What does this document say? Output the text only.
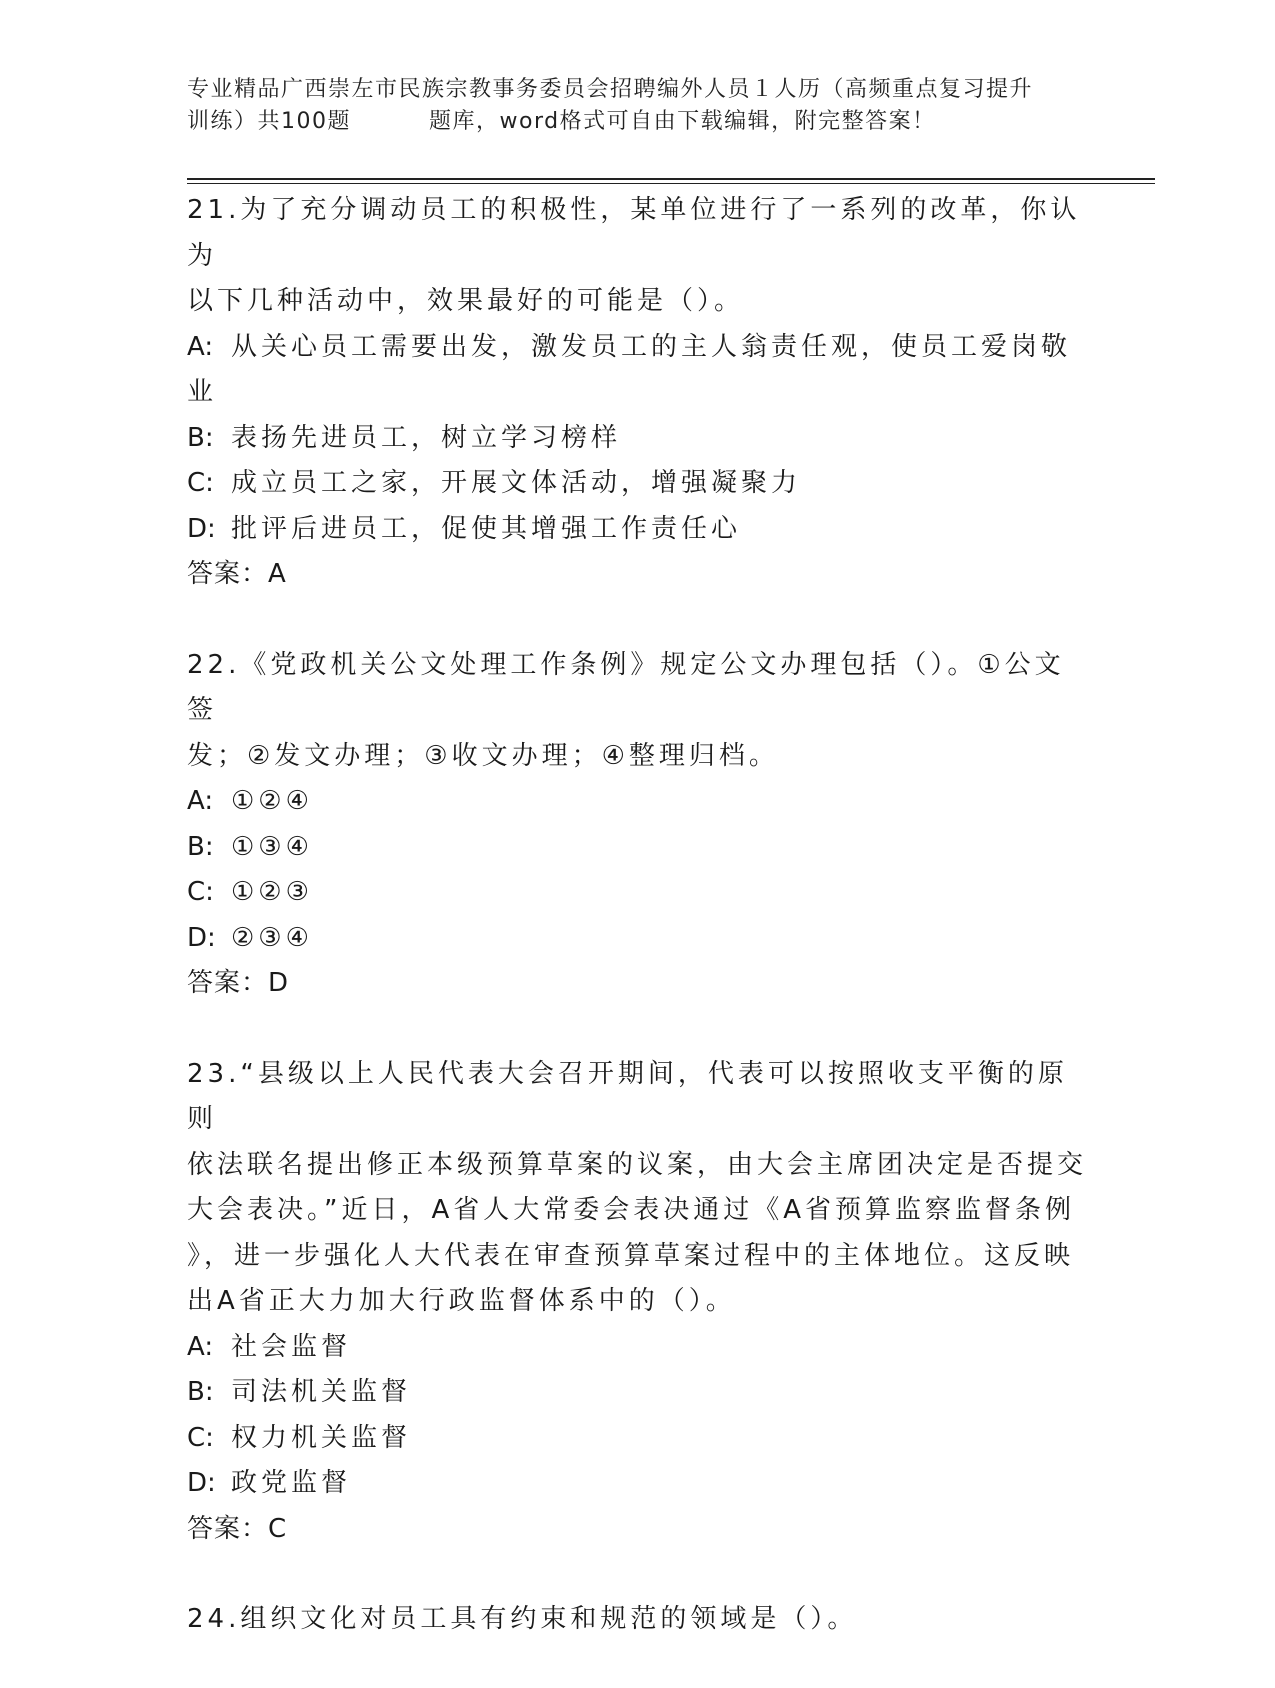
专业精品广西崇左市民族宗教事务委员会招聘编外人员１人历（高频重点复习提升
训练）共100题	题库，word格式可自由下载编辑，附完整答案！

21.为了充分调动员工的积极性，某单位进行了一系列的改革，你认为

以下几种活动中，效果最好的可能是（）。

A: 从关心员工需要出发，激发员工的主人翁责任观，使员工爱岗敬业

B: 表扬先进员工，树立学习榜样

C: 成立员工之家，开展文体活动，增强凝聚力

D: 批评后进员工，促使其增强工作责任心

答案：A

22.《党政机关公文处理工作条例》规定公文办理包括（）。①公文签

发；②发文办理；③收文办理；④整理归档。

A: ①②④

B: ①③④

C: ①②③

D: ②③④

答案：D

23.“县级以上人民代表大会召开期间，代表可以按照收支平衡的原则

依法联名提出修正本级预算草案的议案，由大会主席团决定是否提交

大会表决。”近日，A省人大常委会表决通过《A省预算监察监督条例

》，进一步强化人大代表在审查预算草案过程中的主体地位。这反映

出A省正大力加大行政监督体系中的（）。

A: 社会监督

B: 司法机关监督

C: 权力机关监督

D: 政党监督

答案：C

24.组织文化对员工具有约束和规范的领域是（）。
